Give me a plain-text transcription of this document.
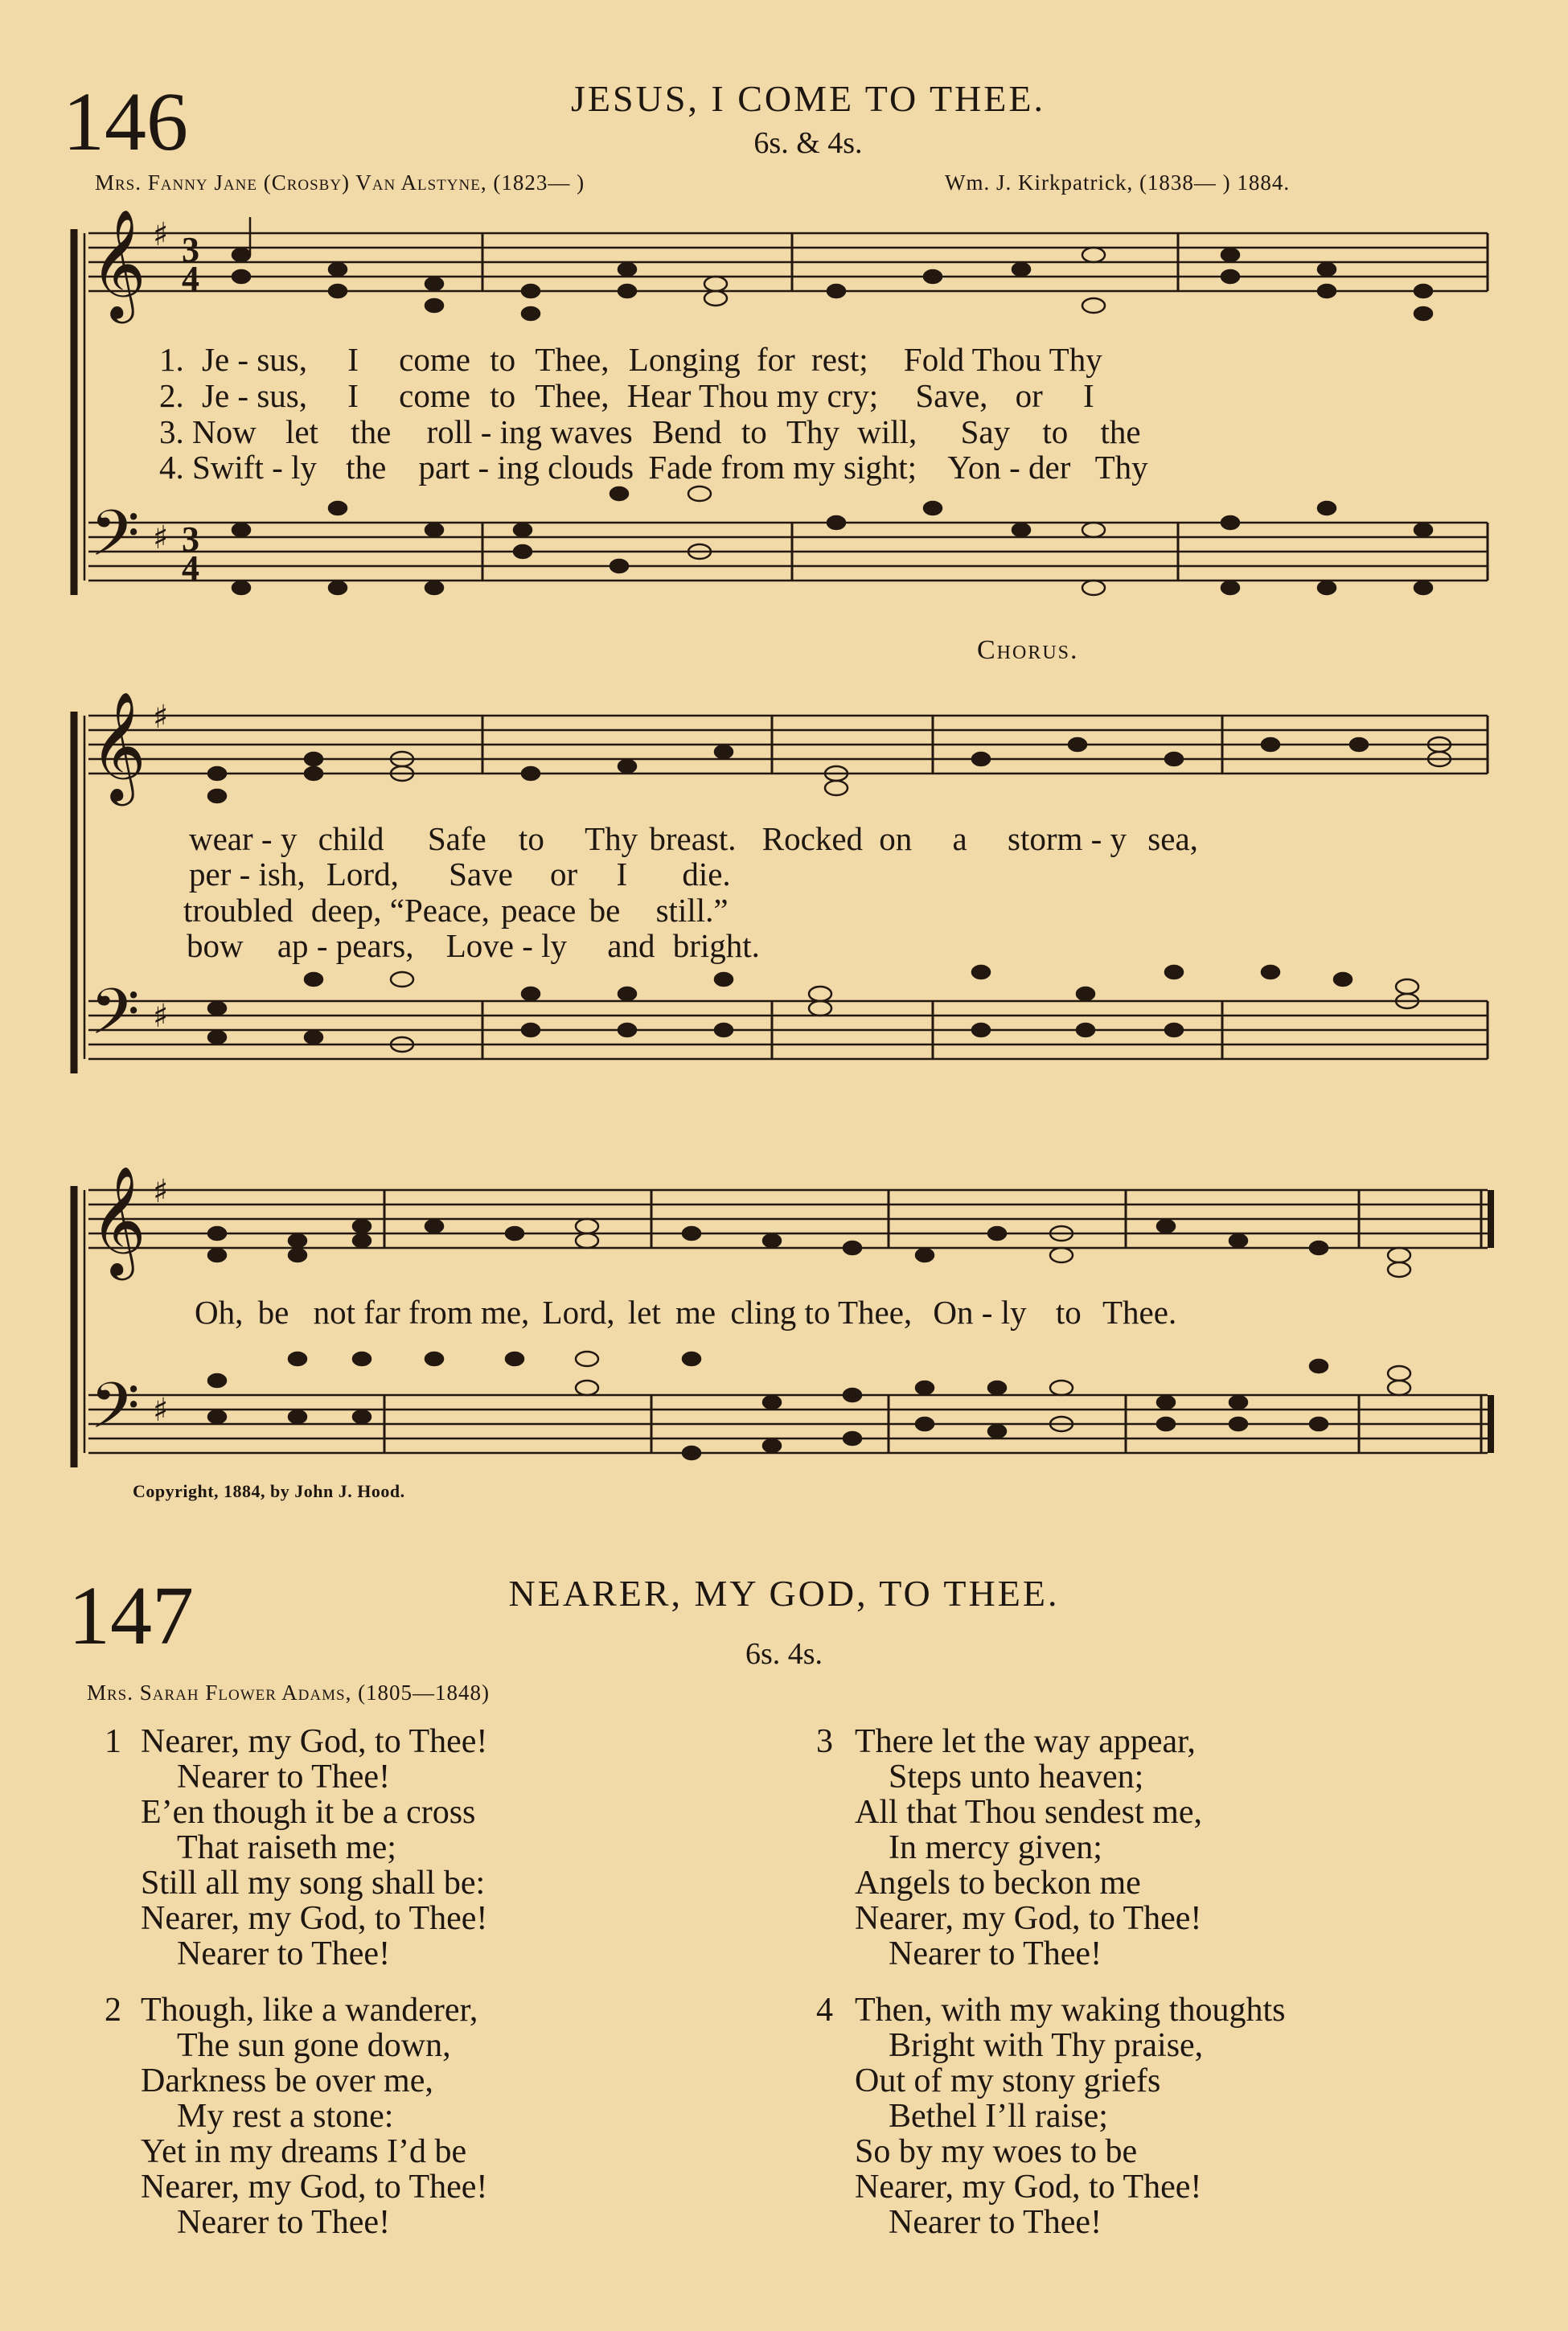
146	JESUS, I COME TO THEE.
6s. & 4s.
Mrs. Fanny Jane (Crosby) Van Alstyne, (1823— )	Wm. J. Kirkpatrick, (1838— ) 1884.
𝄞
𝄢
𝄞
𝄢
𝄞
𝄢
♯
♯
♯
♯
♯
♯
3
4
3
4
1. Je - sus, I come to Thee, Longing for rest; Fold Thou Thy
2. Je - sus, I come to Thee, Hear Thou my cry; Save, or I
3. Now let the roll - ing waves Bend to Thy will, Say to the
4. Swift - ly the part - ing clouds Fade from my sight; Yon - der Thy
Chorus.
wear - y child Safe to Thy breast. Rocked on a storm - y sea,
per - ish, Lord, Save or I die.
troubled deep, “Peace, peace be still.”
bow ap - pears, Love - ly and bright.
Oh, be not far from me, Lord, let me cling to Thee, On - ly to Thee.
Copyright, 1884, by John J. Hood.
147	NEARER, MY GOD, TO THEE.
6s. 4s.
Mrs. Sarah Flower Adams, (1805—1848)
1 Nearer, my God, to Thee!
Nearer to Thee!
E’en though it be a cross
That raiseth me;
Still all my song shall be:
Nearer, my God, to Thee!
Nearer to Thee!
2 Though, like a wanderer,
The sun gone down,
Darkness be over me,
My rest a stone:
Yet in my dreams I’d be
Nearer, my God, to Thee!
Nearer to Thee!
3 There let the way appear,
Steps unto heaven;
All that Thou sendest me,
In mercy given;
Angels to beckon me
Nearer, my God, to Thee!
Nearer to Thee!
4 Then, with my waking thoughts
Bright with Thy praise,
Out of my stony griefs
Bethel I’ll raise;
So by my woes to be
Nearer, my God, to Thee!
Nearer to Thee!
